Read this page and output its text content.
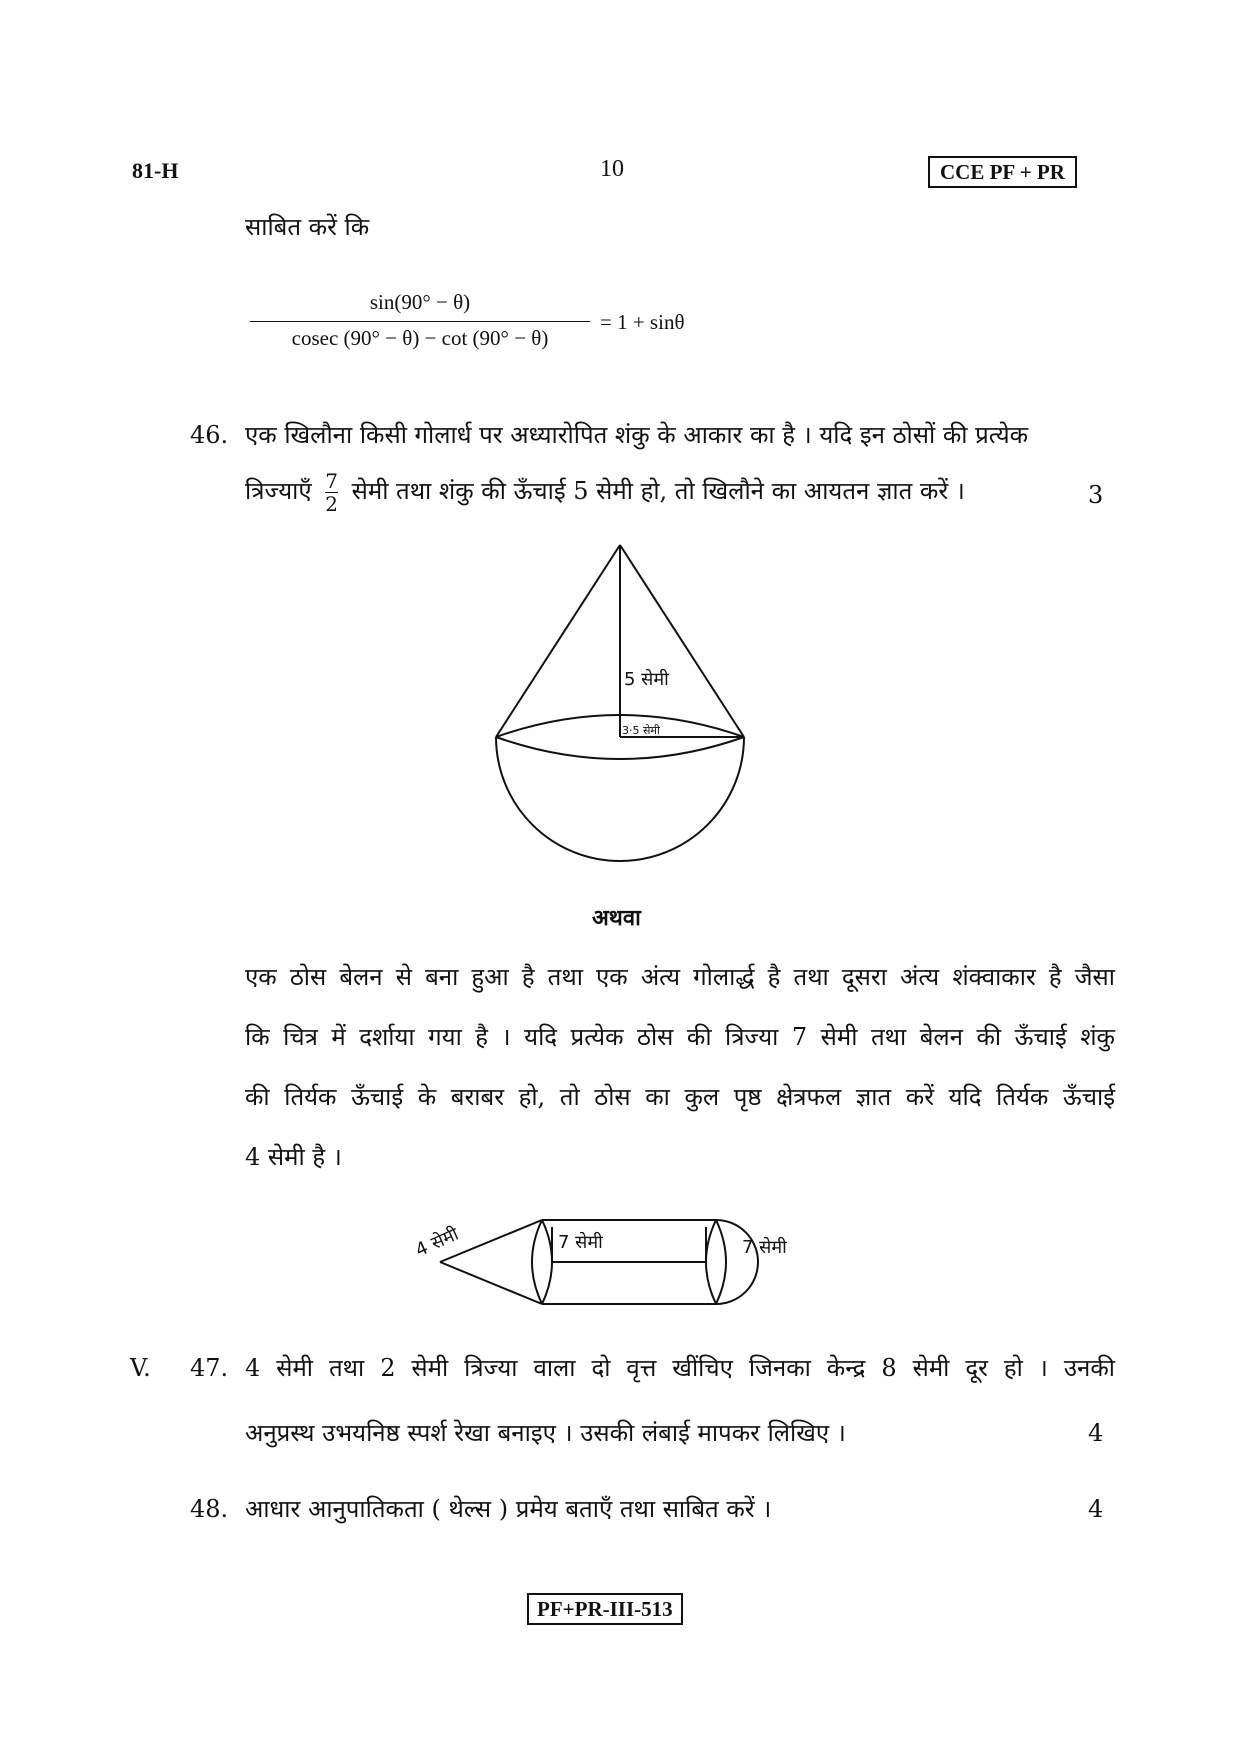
81-H	10	CCE PF + PR
साबित करें कि
sin(90° − θ)
cosec (90° − θ) − cot (90° − θ)
= 1 + sinθ
46. एक खिलौना किसी गोलार्ध पर अध्यारोपित शंकु के आकार का है । यदि इन ठोसों की प्रत्येक
त्रिज्याएँ $\frac{7}{2}$ सेमी तथा शंकु की ऊँचाई 5 सेमी हो, तो खिलौने का आयतन ज्ञात करें ।	3
5 सेमी
3·5 सेमी
अथवा
एक ठोस बेलन से बना हुआ है तथा एक अंत्य गोलार्द्ध है तथा दूसरा अंत्य शंक्वाकार है जैसा
कि चित्र में दर्शाया गया है । यदि प्रत्येक ठोस की त्रिज्या 7 सेमी तथा बेलन की ऊँचाई शंकु
की तिर्यक ऊँचाई के बराबर हो, तो ठोस का कुल पृष्ठ क्षेत्रफल ज्ञात करें यदि तिर्यक ऊँचाई
4 सेमी है ।
4 सेमी	7 सेमी	7 सेमी
V. 47. 4 सेमी तथा 2 सेमी त्रिज्या वाला दो वृत्त खींचिए जिनका केन्द्र 8 सेमी दूर हो । उनकी
अनुप्रस्थ उभयनिष्ठ स्पर्श रेखा बनाइए । उसकी लंबाई मापकर लिखिए ।	4
48. आधार आनुपातिकता ( थेल्स ) प्रमेय बताएँ तथा साबित करें ।	4
PF+PR-III-513
